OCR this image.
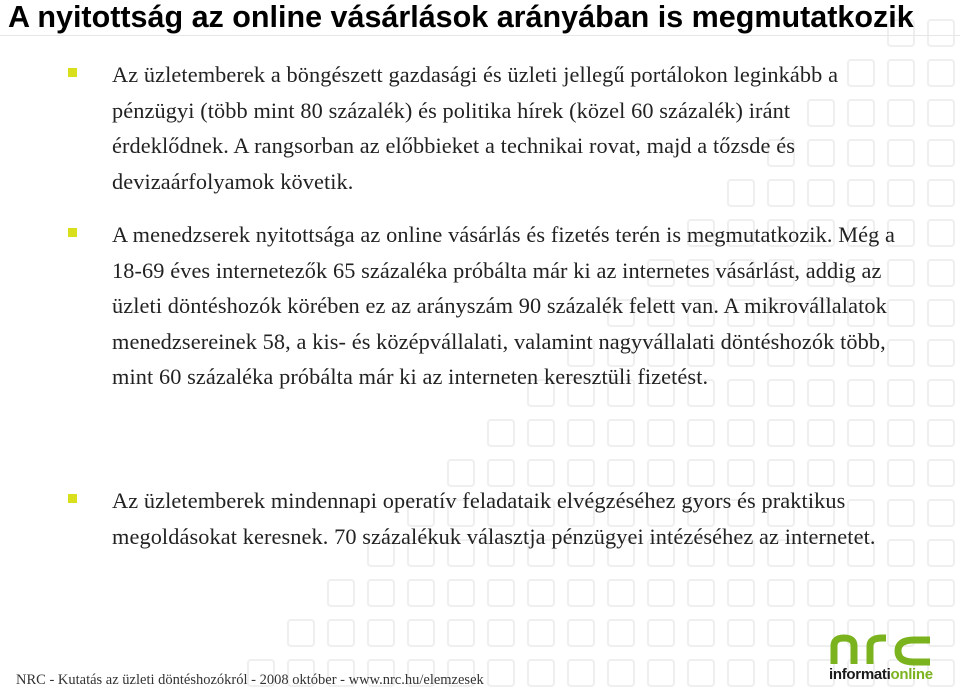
A nyitottság az online vásárlások arányában is megmutatkozik
Az üzletemberek a böngészett gazdasági és üzleti jellegű portálokon leginkább a pénzügyi (több mint 80 százalék) és politika hírek (közel 60 százalék) iránt érdeklődnek. A rangsorban az előbbieket a technikai rovat, majd a tőzsde és devizaárfolyamok követik.
A menedzserek nyitottsága az online vásárlás és fizetés terén is megmutatkozik. Még a 18-69 éves internetezők 65 százaléka próbálta már ki az internetes vásárlást, addig az üzleti döntéshozók körében ez az arányszám 90 százalék felett van. A mikrovállalatok menedzsereinek 58, a kis- és középvállalati, valamint nagyvállalati döntéshozók több, mint 60 százaléka próbálta már ki az interneten keresztüli fizetést.
Az üzletemberek mindennapi operatív feladataik elvégzéséhez gyors és praktikus megoldásokat keresnek. 70 százalékuk választja pénzügyei intézéséhez az internetet.
NRC - Kutatás az üzleti döntéshozókról - 2008 október - www.nrc.hu/elemzesek	informationline
